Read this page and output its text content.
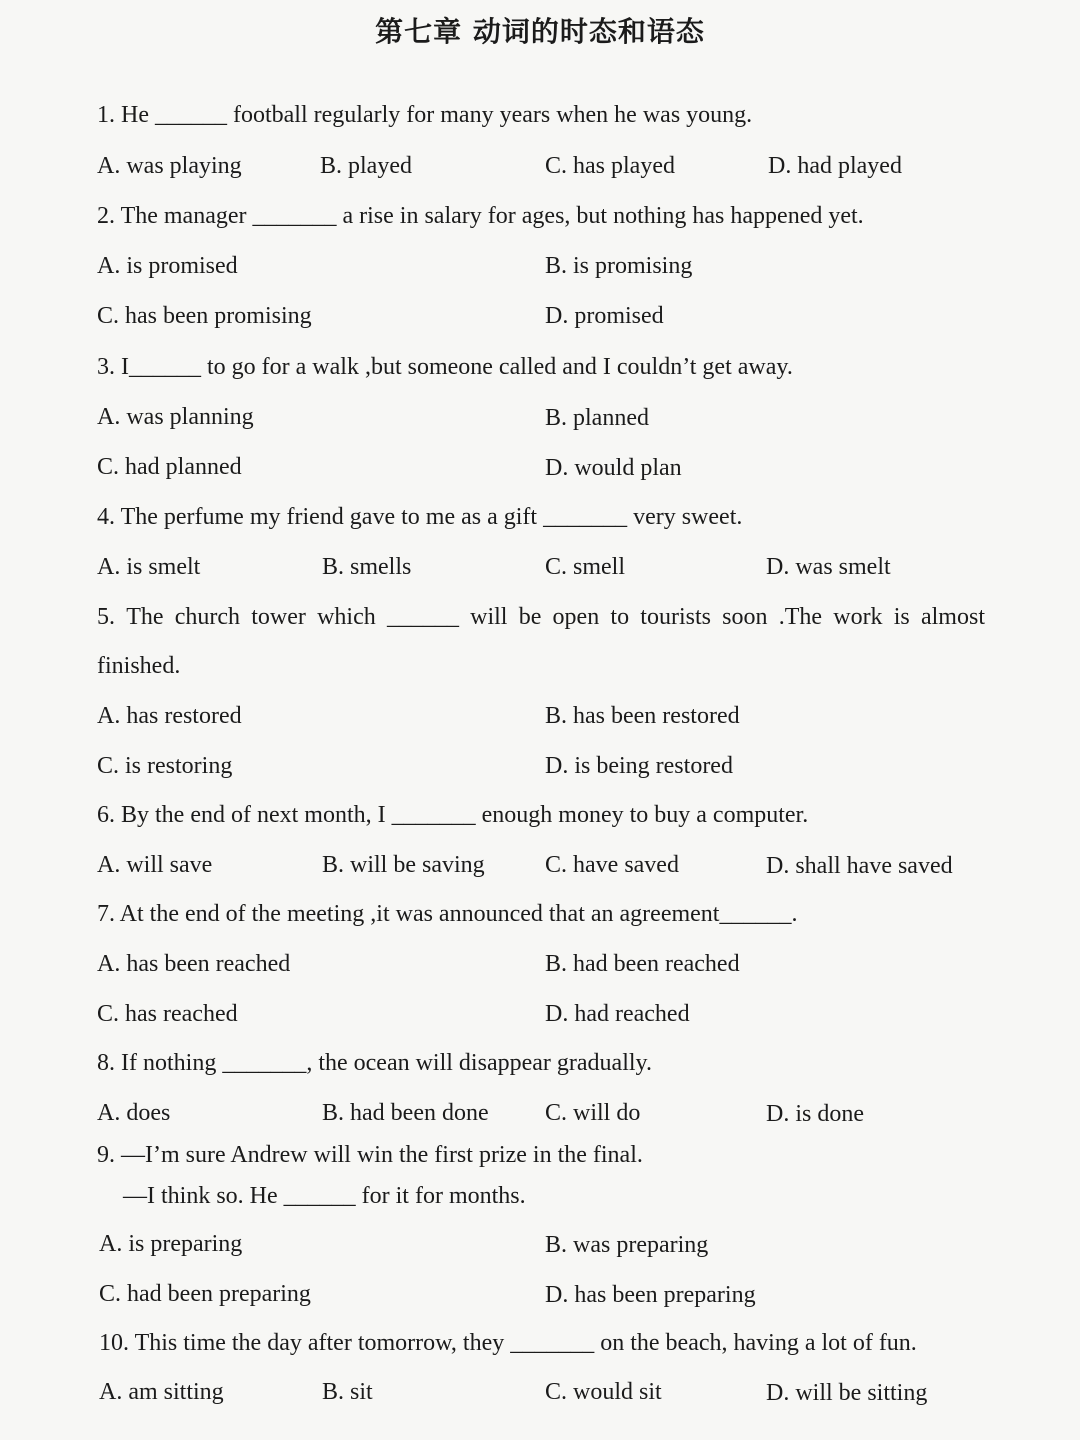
第七章 动词的时态和语态
1. He ______ football regularly for many years when he was young.
A. was playing	B. played	C. has played	D. had played
2. The manager _______ a rise in salary for ages, but nothing has happened yet.
A. is promised	B. is promising
C. has been promising	D. promised
3. I______ to go for a walk ,but someone called and I couldn’t get away.
A. was planning	B. planned
C. had planned	D. would plan
4. The perfume my friend gave to me as a gift _______ very sweet.
A. is smelt	B. smells	C. smell	D. was smelt
5. The church tower which ______ will be open to tourists soon .The work is almost
finished.
A. has restored	B. has been restored
C. is restoring	D. is being restored
6. By the end of next month, I _______ enough money to buy a computer.
A. will save	B. will be saving	C. have saved	D. shall have saved
7. At the end of the meeting ,it was announced that an agreement______.
A. has been reached	B. had been reached
C. has reached	D. had reached
8. If nothing _______, the ocean will disappear gradually.
A. does	B. had been done C. will do	D. is done
9. —I’m sure Andrew will win the first prize in the final.
—I think so. He ______ for it for months.
A. is preparing	B. was preparing
C. had been preparing	D. has been preparing
10. This time the day after tomorrow, they _______ on the beach, having a lot of fun.
A. am sitting	B. sit	C. would sit	D. will be sitting
